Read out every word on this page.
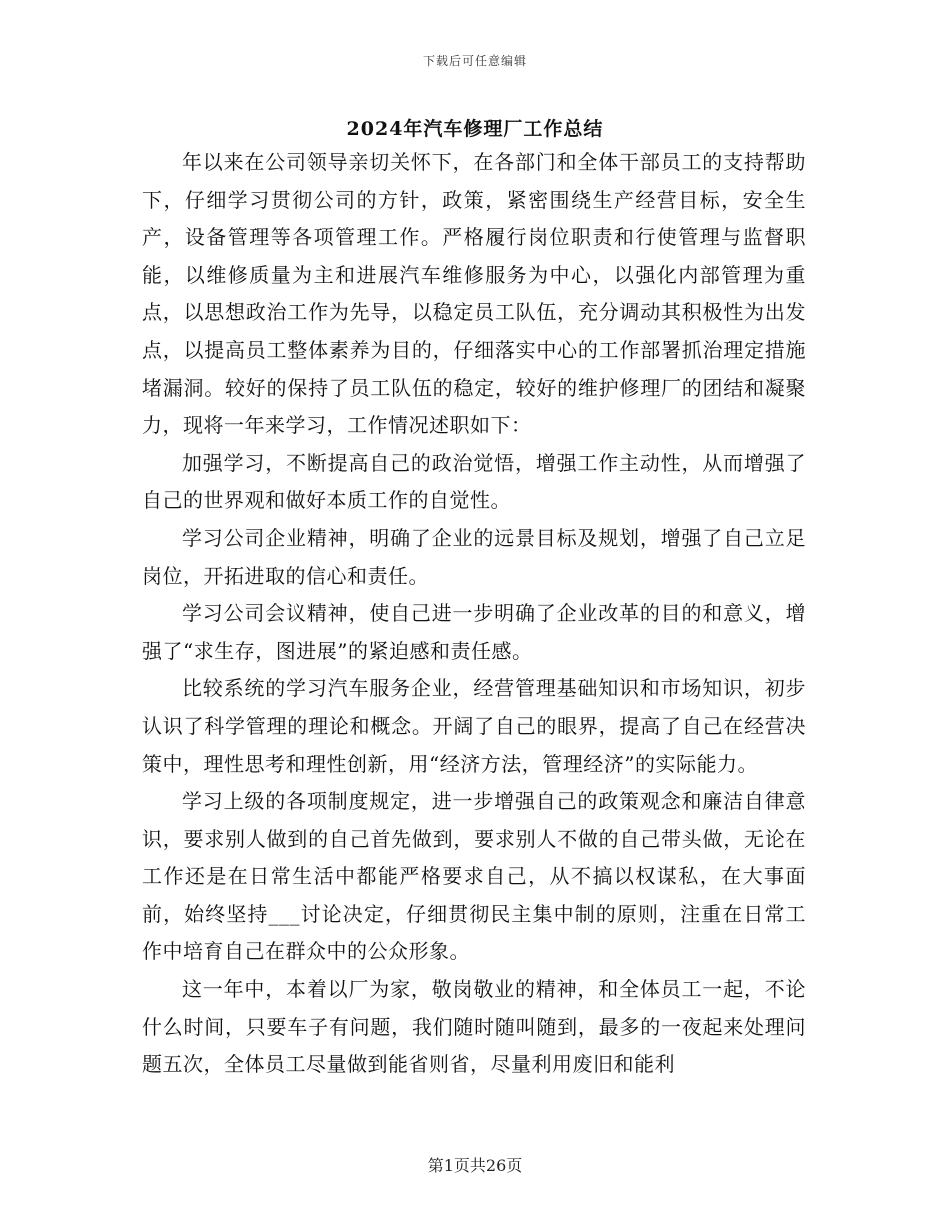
下载后可任意编辑
2024年汽车修理厂工作总结

年以来在公司领导亲切关怀下，在各部门和全体干部员工的支持帮助下，仔细学习贯彻公司的方针，政策，紧密围绕生产经营目标，安全生产，设备管理等各项管理工作。严格履行岗位职责和行使管理与监督职能，以维修质量为主和进展汽车维修服务为中心，以强化内部管理为重点，以思想政治工作为先导，以稳定员工队伍，充分调动其积极性为出发点，以提高员工整体素养为目的，仔细落实中心的工作部署抓治理定措施堵漏洞。较好的保持了员工队伍的稳定，较好的维护修理厂的团结和凝聚力，现将一年来学习，工作情况述职如下：

加强学习，不断提高自己的政治觉悟，增强工作主动性，从而增强了自己的世界观和做好本质工作的自觉性。

学习公司企业精神，明确了企业的远景目标及规划，增强了自己立足岗位，开拓进取的信心和责任。

学习公司会议精神，使自己进一步明确了企业改革的目的和意义，增强了“求生存，图进展”的紧迫感和责任感。

比较系统的学习汽车服务企业，经营管理基础知识和市场知识，初步认识了科学管理的理论和概念。开阔了自己的眼界，提高了自己在经营决策中，理性思考和理性创新，用“经济方法，管理经济”的实际能力。

学习上级的各项制度规定，进一步增强自己的政策观念和廉洁自律意识，要求别人做到的自己首先做到，要求别人不做的自己带头做，无论在工作还是在日常生活中都能严格要求自己，从不搞以权谋私，在大事面前，始终坚持___讨论决定，仔细贯彻民主集中制的原则，注重在日常工作中培育自己在群众中的公众形象。

这一年中，本着以厂为家，敬岗敬业的精神，和全体员工一起，不论什么时间，只要车子有问题，我们随时随叫随到，最多的一夜起来处理问题五次，全体员工尽量做到能省则省，尽量利用废旧和能利

第1页共26页
